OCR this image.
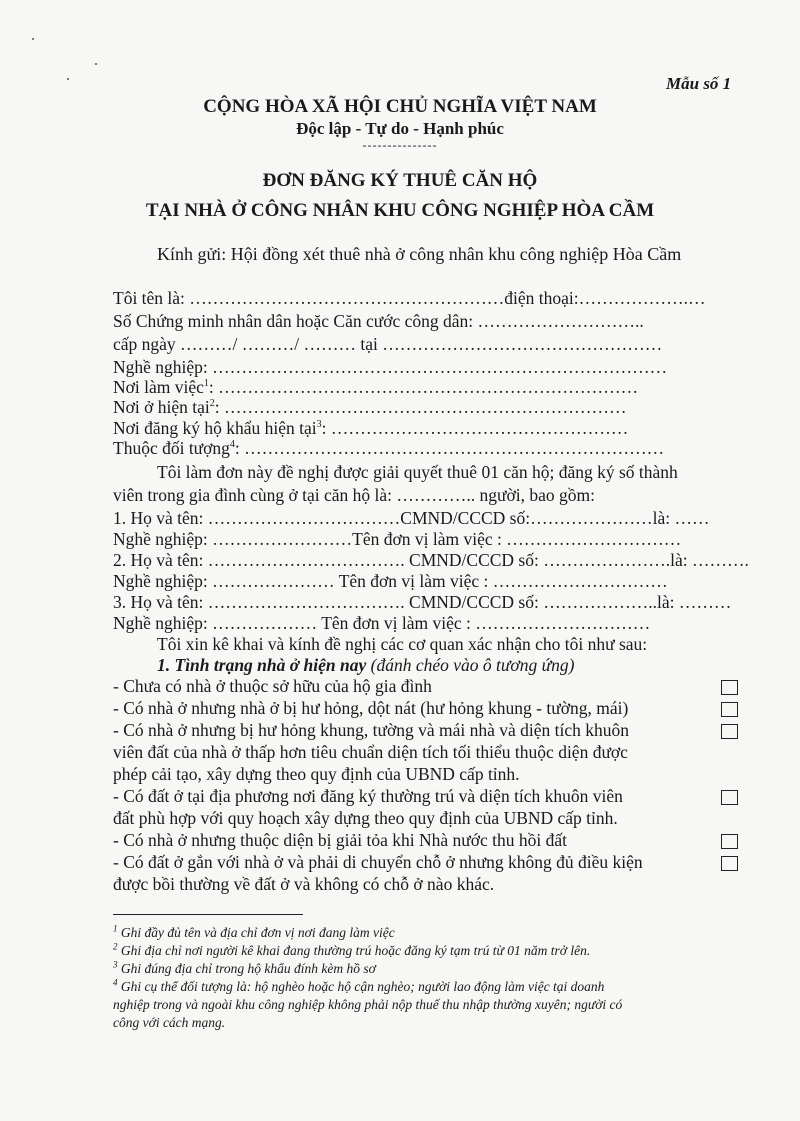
Mẫu số 1
CỘNG HÒA XÃ HỘI CHỦ NGHĨA VIỆT NAM
Độc lập - Tự do - Hạnh phúc
---------------
ĐƠN ĐĂNG KÝ THUÊ CĂN HỘ
TẠI NHÀ Ở CÔNG NHÂN KHU CÔNG NGHIỆP HÒA CẦM
Kính gửi: Hội đồng xét thuê nhà ở công nhân khu công nghiệp Hòa Cầm
Tôi tên là: ………………………………………………điện thoại:……………….…
Số Chứng minh nhân dân hoặc Căn cước công dân: ………………………..
cấp ngày ………/ ………/ ……… tại …………………………………………
Nghề nghiệp: ……………………………………………………………………
Nơi làm việc$^1$: ………………………………………………………………
Nơi ở hiện tại$^2$: ……………………………………………………………
Nơi đăng ký hộ khẩu hiện tại$^3$: ……………………………………………
Thuộc đối tượng$^4$: ………………………………………………………………
Tôi làm đơn này đề nghị được giải quyết thuê 01 căn hộ; đăng ký số thành
viên trong gia đình cùng ở tại căn hộ là: ………….. người, bao gồm:
1. Họ và tên: ……………………………CMND/CCCD số:…………………là: ……
Nghề nghiệp: ……………………Tên đơn vị làm việc : …………………………
2. Họ và tên: ……………………………. CMND/CCCD số: ………………….là: ……….
Nghề nghiệp: ………………… Tên đơn vị làm việc : …………………………
3. Họ và tên: ……………………………. CMND/CCCD số: ………………..là: ………
Nghề nghiệp: ……………… Tên đơn vị làm việc : …………………………
Tôi xin kê khai và kính đề nghị các cơ quan xác nhận cho tôi như sau:
1. Tình trạng nhà ở hiện nay (đánh chéo vào ô tương ứng)
- Chưa có nhà ở thuộc sở hữu của hộ gia đình
- Có nhà ở nhưng nhà ở bị hư hỏng, dột nát (hư hỏng khung - tường, mái)
- Có nhà ở nhưng bị hư hỏng khung, tường và mái nhà và diện tích khuôn
viên đất của nhà ở thấp hơn tiêu chuẩn diện tích tối thiểu thuộc diện được
phép cải tạo, xây dựng theo quy định của UBND cấp tỉnh.
- Có đất ở tại địa phương nơi đăng ký thường trú và diện tích khuôn viên
đất phù hợp với quy hoạch xây dựng theo quy định của UBND cấp tỉnh.
- Có nhà ở nhưng thuộc diện bị giải tỏa khi Nhà nước thu hồi đất
- Có đất ở gắn với nhà ở và phải di chuyển chỗ ở nhưng không đủ điều kiện
được bồi thường về đất ở và không có chỗ ở nào khác.
$^1$ Ghi đầy đủ tên và địa chỉ đơn vị nơi đang làm việc
$^2$ Ghi địa chỉ nơi người kê khai đang thường trú hoặc đăng ký tạm trú từ 01 năm trở lên.
$^3$ Ghi đúng địa chỉ trong hộ khẩu đính kèm hồ sơ
$^4$ Ghi cụ thể đối tượng là: hộ nghèo hoặc hộ cận nghèo; người lao động làm việc tại doanh
nghiệp trong và ngoài khu công nghiệp không phải nộp thuế thu nhập thường xuyên; người có
công với cách mạng.
